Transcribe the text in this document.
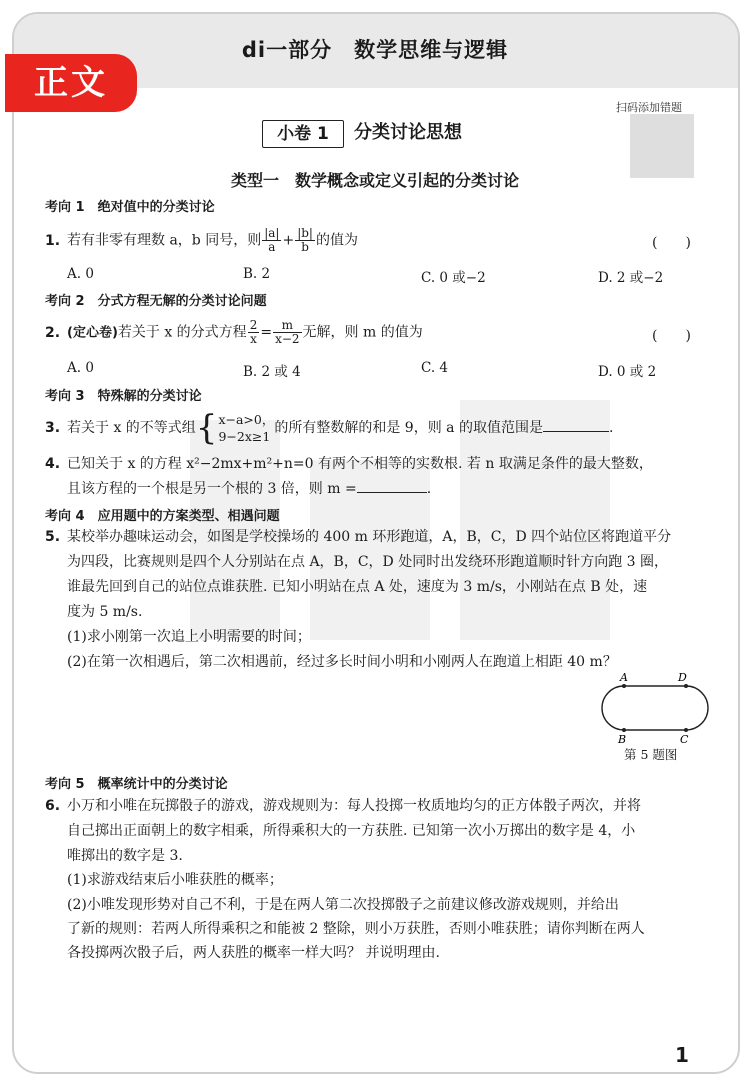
di一部分　数学思维与逻辑
正文
扫码添加错题
小卷 1	分类讨论思想
类型一　数学概念或定义引起的分类讨论
考向 1　绝对值中的分类讨论
1. 若有非零有理数 a，b 同号，则 $\frac{|a|}{a} + \frac{|b|}{b}$ 的值为	(　　)
A. 0	B. 2	C. 0 或−2	D. 2 或−2
考向 2　分式方程无解的分类讨论问题
2. (定心卷)若关于 x 的分式方程 $\frac{2}{x} = \frac{m}{x-2}$ 无解，则 m 的值为	(　　)
A. 0	B. 2 或 4	C. 4	D. 0 或 2
考向 3　特殊解的分类讨论
3. 若关于 x 的不等式组{ x−a>0，
9−2x≥1
的所有整数解的和是 9，则 a 的取值范围是	.
4. 已知关于 x 的方程 x²−2mx+m²+n=0 有两个不相等的实数根. 若 n 取满足条件的最大整数，
且该方程的一个根是另一个根的 3 倍，则 m =	.
考向 4　应用题中的方案类型、相遇问题
5. 某校举办趣味运动会，如图是学校操场的 400 m 环形跑道，A，B，C，D 四个站位区将跑道平分
为四段，比赛规则是四个人分别站在点 A，B，C，D 处同时出发绕环形跑道顺时针方向跑 3 圈，
谁最先回到自己的站位点谁获胜. 已知小明站在点 A 处，速度为 3 m/s，小刚站在点 B 处，速
度为 5 m/s.
(1)求小刚第一次追上小明需要的时间；
(2)在第一次相遇后，第二次相遇前，经过多长时间小明和小刚两人在跑道上相距 40 m？
A	D
B	C
第 5 题图
考向 5　概率统计中的分类讨论
6. 小万和小唯在玩掷骰子的游戏，游戏规则为：每人投掷一枚质地均匀的正方体骰子两次，并将
自己掷出正面朝上的数字相乘，所得乘积大的一方获胜. 已知第一次小万掷出的数字是 4，小
唯掷出的数字是 3.
(1)求游戏结束后小唯获胜的概率；
(2)小唯发现形势对自己不利，于是在两人第二次投掷骰子之前建议修改游戏规则，并给出
了新的规则：若两人所得乘积之和能被 2 整除，则小万获胜，否则小唯获胜；请你判断在两人
各投掷两次骰子后，两人获胜的概率一样大吗？ 并说明理由.
1
